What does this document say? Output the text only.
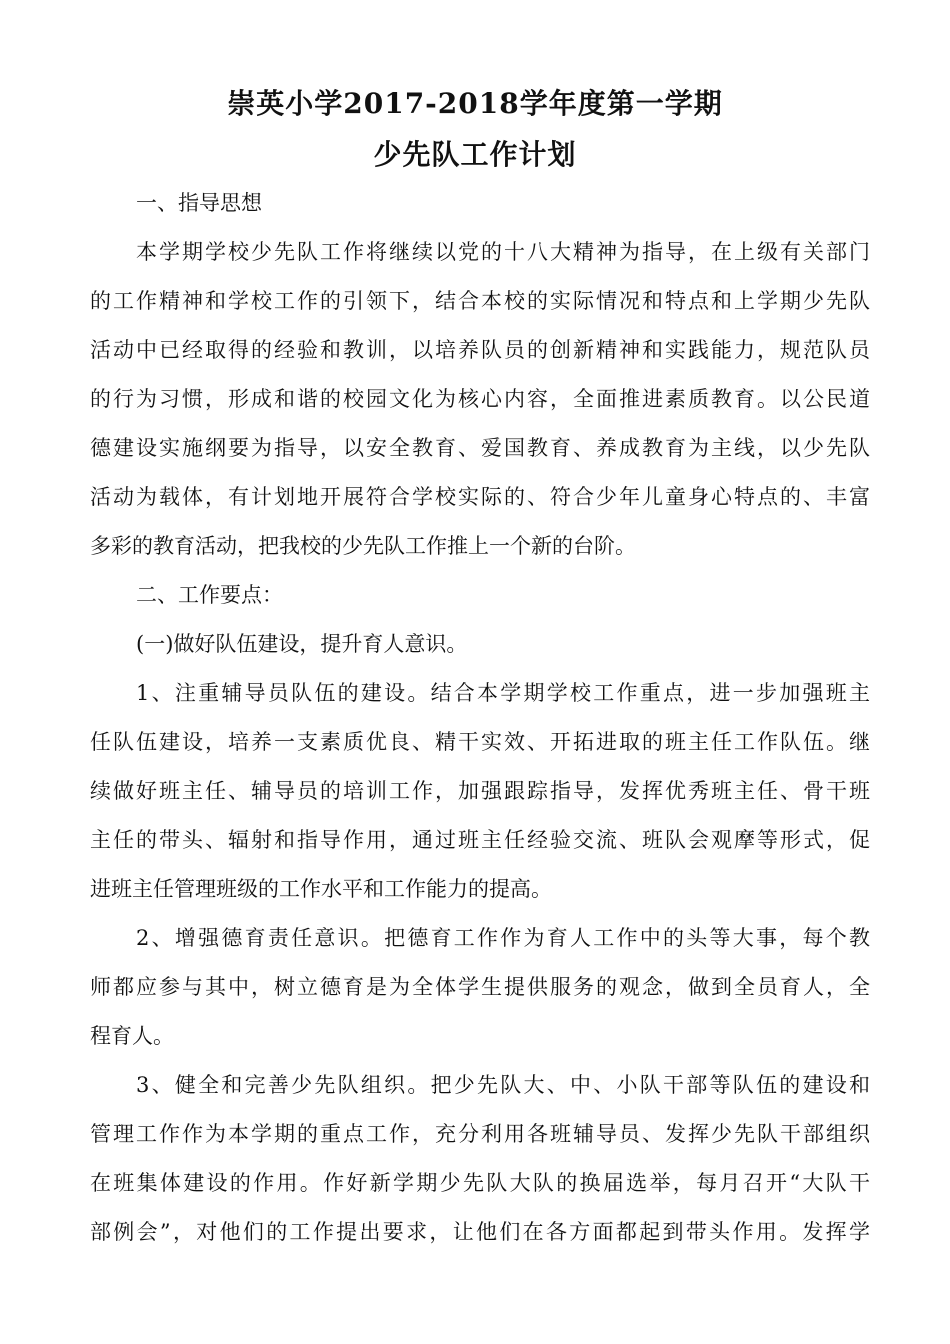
崇英小学2017-2018学年度第一学期
少先队工作计划
一、指导思想
本学期学校少先队工作将继续以党的十八大精神为指导，在上级有关部门
的工作精神和学校工作的引领下，结合本校的实际情况和特点和上学期少先队
活动中已经取得的经验和教训，以培养队员的创新精神和实践能力，规范队员
的行为习惯，形成和谐的校园文化为核心内容，全面推进素质教育。以公民道
德建设实施纲要为指导，以安全教育、爱国教育、养成教育为主线，以少先队
活动为载体，有计划地开展符合学校实际的、符合少年儿童身心特点的、丰富
多彩的教育活动，把我校的少先队工作推上一个新的台阶。
二、工作要点：
(一)做好队伍建设，提升育人意识。
1、注重辅导员队伍的建设。结合本学期学校工作重点，进一步加强班主
任队伍建设，培养一支素质优良、精干实效、开拓进取的班主任工作队伍。继
续做好班主任、辅导员的培训工作，加强跟踪指导，发挥优秀班主任、骨干班
主任的带头、辐射和指导作用，通过班主任经验交流、班队会观摩等形式，促
进班主任管理班级的工作水平和工作能力的提高。
2、增强德育责任意识。把德育工作作为育人工作中的头等大事，每个教
师都应参与其中，树立德育是为全体学生提供服务的观念，做到全员育人，全
程育人。
3、健全和完善少先队组织。把少先队大、中、小队干部等队伍的建设和
管理工作作为本学期的重点工作，充分利用各班辅导员、发挥少先队干部组织
在班集体建设的作用。作好新学期少先队大队的换届选举，每月召开“大队干
部例会”，对他们的工作提出要求，让他们在各方面都起到带头作用。发挥学
